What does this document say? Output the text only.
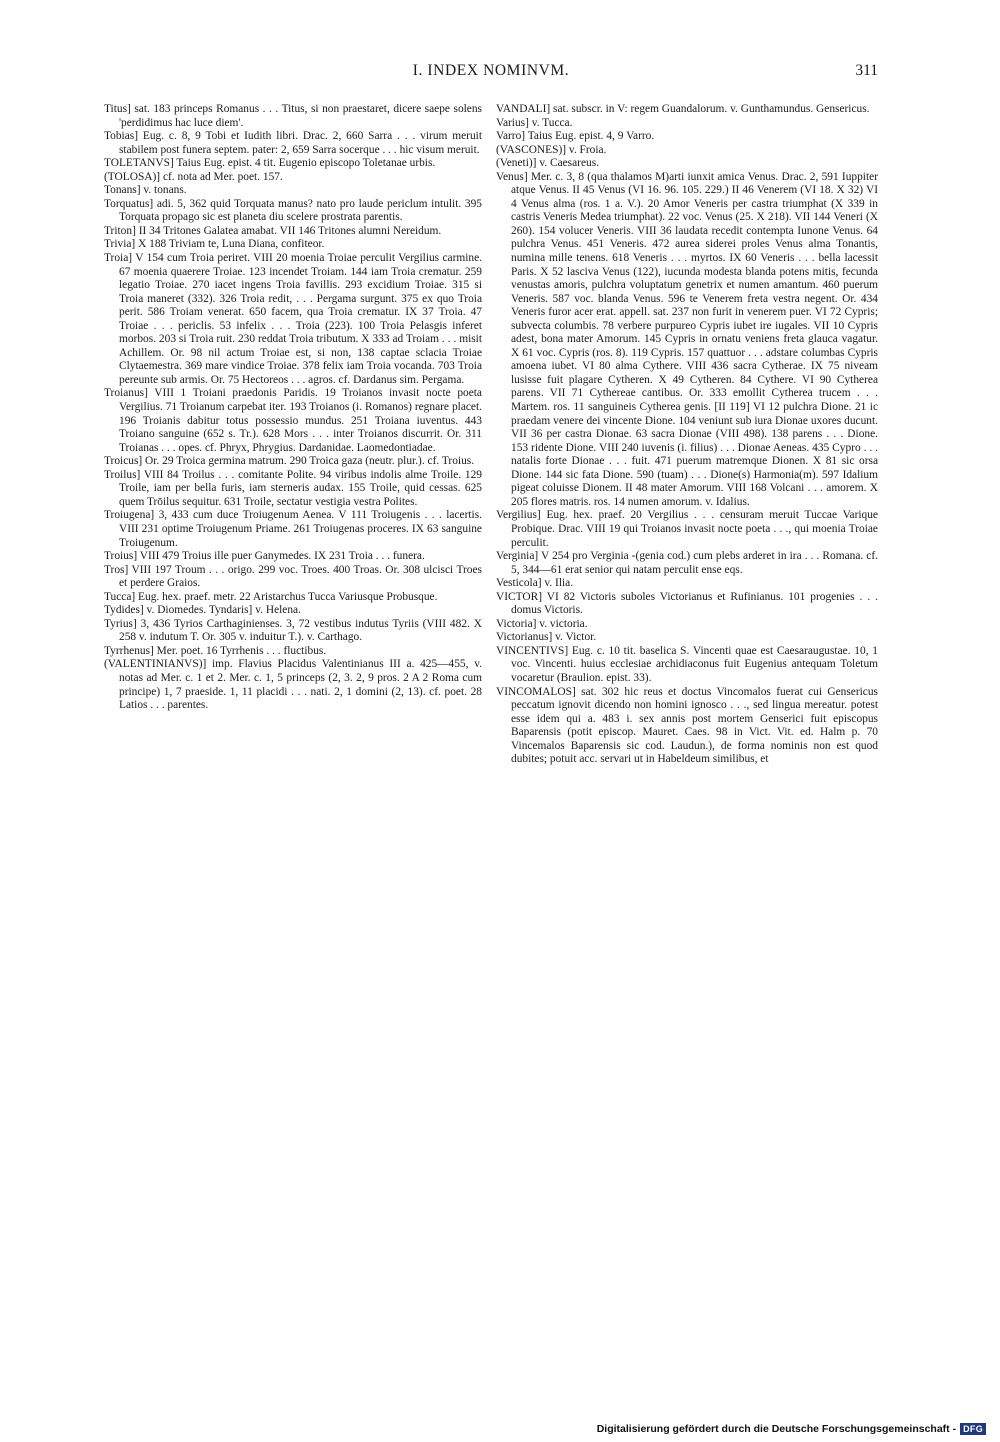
I. INDEX NOMINVM.	311

Titus] sat. 183 princeps Romanus . . . Titus, si non praestaret, dicere saepe solens 'perdidimus hac luce diem'.

Tobias] Eug. c. 8, 9 Tobi et Iudith libri. Drac. 2, 660 Sarra . . . virum meruit stabilem post funera septem. pater: 2, 659 Sarra socerque . . . hic visum meruit.

TOLETANVS] Taius Eug. epist. 4 tit. Eugenio episcopo Toletanae urbis.

(TOLOSA)] cf. nota ad Mer. poet. 157.

Tonans] v. tonans.

Torquatus] adi. 5, 362 quid Torquata manus? nato pro laude periclum intulit. 395 Torquata propago sic est planeta diu scelere prostrata parentis.

Triton] II 34 Tritones Galatea amabat. VII 146 Tritones alumni Nereidum.

Trivia] X 188 Triviam te, Luna Diana, confiteor.

Troia] V 154 cum Troia periret. VIII 20 moenia Troiae perculit Vergilius carmine. 67 moenia quaerere Troiae. 123 incendet Troiam. 144 iam Troia crematur. 259 legatio Troiae. 270 iacet ingens Troia favillis. 293 excidium Troiae. 315 si Troia maneret (332). 326 Troia redit, . . . Pergama surgunt. 375 ex quo Troia perit. 586 Troiam venerat. 650 facem, qua Troia crematur. IX 37 Troia. 47 Troiae . . . periclis. 53 infelix . . . Troia (223). 100 Troia Pelasgis inferet morbos. 203 si Troia ruit. 230 reddat Troia tributum. X 333 ad Troiam . . . misit Achillem. Or. 98 nil actum Troiae est, si non, 138 captae sclacia Troiae Clytaemestra. 369 mare vindice Troiae. 378 felix iam Troia vocanda. 703 Troia pereunte sub armis. Or. 75 Hectoreos . . . agros. cf. Dardanus sim. Pergama.

Troianus] VIII 1 Troiani praedonis Paridis. 19 Troianos invasit nocte poeta Vergilius. 71 Troianum carpebat iter. 193 Troianos (i. Romanos) regnare placet. 196 Troianis dabitur totus possessio mundus. 251 Troiana iuventus. 443 Troiano sanguine (652 s. Tr.). 628 Mors . . . inter Troianos discurrit. Or. 311 Troianas . . . opes. cf. Phryx, Phrygius. Dardanidae. Laomedontiadae.

Troicus] Or. 29 Troica germina matrum. 290 Troica gaza (neutr. plur.). cf. Troius.

Troilus] VIII 84 Troilus . . . comitante Polite. 94 viribus indolis alme Troile. 129 Troile, iam per bella furis, iam sterneris audax. 155 Troile, quid cessas. 625 quem Trōilus sequitur. 631 Troile, sectatur vestigia vestra Polites.

Troiugena] 3, 433 cum duce Troiugenum Aenea. V 111 Troiugenis . . . lacertis. VIII 231 optime Troiugenum Priame. 261 Troiugenas proceres. IX 63 sanguine Troiugenum.

Troius] VIII 479 Troius ille puer Ganymedes. IX 231 Troia . . . funera.

Tros] VIII 197 Troum . . . origo. 299 voc. Troes. 400 Troas. Or. 308 ulcisci Troes et perdere Graios.

Tucca] Eug. hex. praef. metr. 22 Aristarchus Tucca Variusque Probusque.

Tydides] v. Diomedes. Tyndaris] v. Helena.

Tyrius] 3, 436 Tyrios Carthaginienses. 3, 72 vestibus indutus Tyriis (VIII 482. X 258 v. indutum T. Or. 305 v. induitur T.). v. Carthago.

Tyrrhenus] Mer. poet. 16 Tyrrhenis . . . fluctibus.

(VALENTINIANVS)] imp. Flavius Placidus Valentinianus III a. 425—455, v. notas ad Mer. c. 1 et 2. Mer. c. 1, 5 princeps (2, 3. 2, 9 pros. 2 A 2 Roma cum principe) 1, 7 praeside. 1, 11 placidi . . . nati. 2, 1 domini (2, 13). cf. poet. 28 Latios . . . parentes.

VANDALI] sat. subscr. in V: regem Guandalorum. v. Gunthamundus. Gensericus.

Varius] v. Tucca.

Varro] Taius Eug. epist. 4, 9 Varro.

(VASCONES)] v. Froia.

(Veneti)] v. Caesareus.

Venus] Mer. c. 3, 8 (qua thalamos M)arti iunxit amica Venus. Drac. 2, 591 Iuppiter atque Venus. II 45 Venus (VI 16. 96. 105. 229.) II 46 Venerem (VI 18. X 32) VI 4 Venus alma (ros. 1 a. V.). 20 Amor Veneris per castra triumphat (X 339 in castris Veneris Medea triumphat). 22 voc. Venus (25. X 218). VII 144 Veneri (X 260). 154 volucer Veneris. VIII 36 laudata recedit contempta Iunone Venus. 64 pulchra Venus. 451 Veneris. 472 aurea siderei proles Venus alma Tonantis, numina mille tenens. 618 Veneris . . . myrtos. IX 60 Veneris . . . bella lacessit Paris. X 52 lasciva Venus (122), iucunda modesta blanda potens mitis, fecunda venustas amoris, pulchra voluptatum genetrix et numen amantum. 460 puerum Veneris. 587 voc. blanda Venus. 596 te Venerem freta vestra negent. Or. 434 Veneris furor acer erat. appell. sat. 237 non furit in venerem puer. VI 72 Cypris; subvecta columbis. 78 verbere purpureo Cypris iubet ire iugales. VII 10 Cypris adest, bona mater Amorum. 145 Cypris in ornatu veniens freta glauca vagatur. X 61 voc. Cypris (ros. 8). 119 Cypris. 157 quattuor . . . adstare columbas Cypris amoena iubet. VI 80 alma Cythere. VIII 436 sacra Cytherae. IX 75 niveam lusisse fuit plagare Cytheren. X 49 Cytheren. 84 Cythere. VI 90 Cytherea parens. VII 71 Cythereae cantibus. Or. 333 emollit Cytherea trucem . . . Martem. ros. 11 sanguineis Cytherea genis. [II 119] VI 12 pulchra Dione. 21 ic praedam venere dei vincente Dione. 104 veniunt sub iura Dionae uxores ducunt. VII 36 per castra Dionae. 63 sacra Dionae (VIII 498). 138 parens . . . Dione. 153 ridente Dione. VIII 240 iuvenis (i. filius) . . . Dionae Aeneas. 435 Cypro . . . natalis forte Dionae . . . fuit. 471 puerum matremque Dionen. X 81 sic orsa Dione. 144 sic fata Dione. 590 (tuam) . . . Dione(s) Harmonia(m). 597 Idalium pigeat coluisse Dionem. II 48 mater Amorum. VIII 168 Volcani . . . amorem. X 205 flores matris. ros. 14 numen amorum. v. Idalius.

Vergilius] Eug. hex. praef. 20 Vergilius . . . censuram meruit Tuccae Varique Probique. Drac. VIII 19 qui Troianos invasit nocte poeta . . ., qui moenia Troiae perculit.

Verginia] V 254 pro Verginia -(genia cod.) cum plebs arderet in ira . . . Romana. cf. 5, 344—61 erat senior qui natam perculit ense eqs.

Vesticola] v. Ilia.

VICTOR] VI 82 Victoris suboles Victorianus et Rufinianus. 101 progenies . . . domus Victoris.

Victoria] v. victoria.

Victorianus] v. Victor.

VINCENTIVS] Eug. c. 10 tit. baselica S. Vincenti quae est Caesaraugustae. 10, 1 voc. Vincenti. huius ecclesiae archidiaconus fuit Eugenius antequam Toletum vocaretur (Braulion. epist. 33).

VINCOMALOS] sat. 302 hic reus et doctus Vincomalos fuerat cui Gensericus peccatum ignovit dicendo non homini ignosco . . ., sed lingua mereatur. potest esse idem qui a. 483 i. sex annis post mortem Genserici fuit episcopus Baparensis (potit episcop. Mauret. Caes. 98 in Vict. Vit. ed. Halm p. 70 Vincemalos Baparensis sic cod. Laudun.), de forma nominis non est quod dubites; potuit acc. servari ut in Habeldeum similibus, et

Digitalisierung gefördert durch die Deutsche Forschungsgemeinschaft - DFG
